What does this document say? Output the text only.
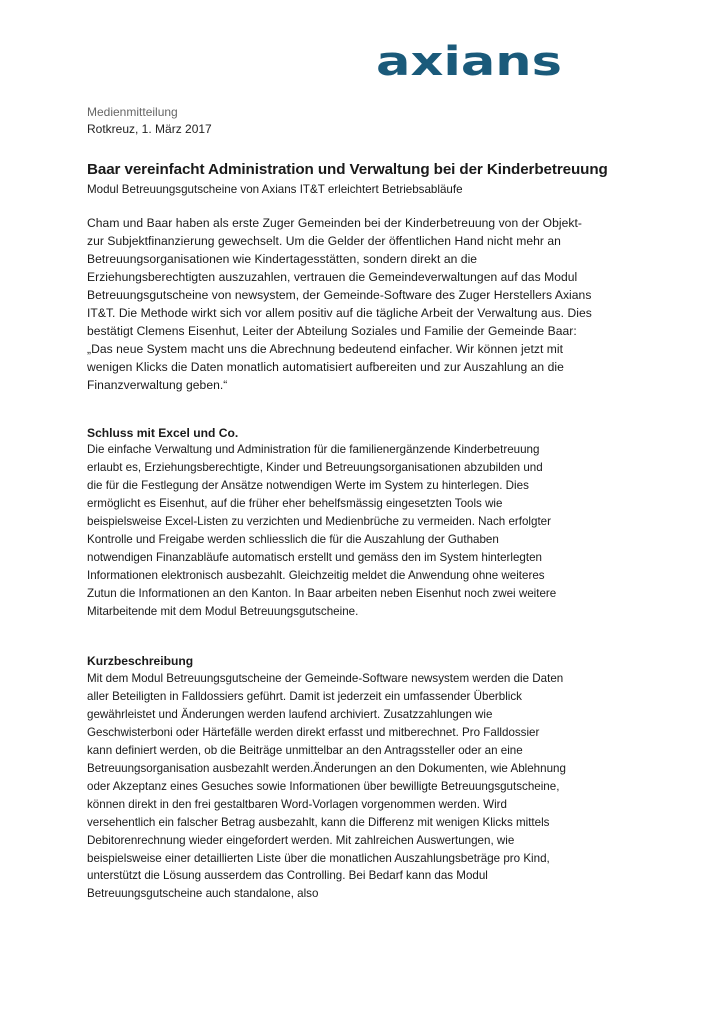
axians
Medienmitteilung
Rotkreuz, 1. März 2017
Baar vereinfacht Administration und Verwaltung bei der Kinderbetreuung

Modul Betreuungsgutscheine von Axians IT&T erleichtert Betriebsabläufe

Cham und Baar haben als erste Zuger Gemeinden bei der Kinderbetreuung von der Objekt- zur Subjektfinanzierung gewechselt. Um die Gelder der öffentlichen Hand nicht mehr an Betreuungsorganisationen wie Kindertagesstätten, sondern direkt an die Erziehungsberechtigten auszuzahlen, vertrauen die Gemeindeverwaltungen auf das Modul Betreuungsgutscheine von newsystem, der Gemeinde-Software des Zuger Herstellers Axians IT&T. Die Methode wirkt sich vor allem positiv auf die tägliche Arbeit der Verwaltung aus. Dies bestätigt Clemens Eisenhut, Leiter der Abteilung Soziales und Familie der Gemeinde Baar: „Das neue System macht uns die Abrechnung bedeutend einfacher. Wir können jetzt mit wenigen Klicks die Daten monatlich automatisiert aufbereiten und zur Auszahlung an die Finanzverwaltung geben.“

Schluss mit Excel und Co.

Die einfache Verwaltung und Administration für die familienergänzende Kinderbetreuung erlaubt es, Erziehungsberechtigte, Kinder und Betreuungsorganisationen abzubilden und die für die Festlegung der Ansätze notwendigen Werte im System zu hinterlegen. Dies ermöglicht es Eisenhut, auf die früher eher behelfsmässig eingesetzten Tools wie beispielsweise Excel-Listen zu verzichten und Medienbrüche zu vermeiden. Nach erfolgter Kontrolle und Freigabe werden schliesslich die für die Auszahlung der Guthaben notwendigen Finanzabläufe automatisch erstellt und gemäss den im System hinterlegten Informationen elektronisch ausbezahlt. Gleichzeitig meldet die Anwendung ohne weiteres Zutun die Informationen an den Kanton. In Baar arbeiten neben Eisenhut noch zwei weitere Mitarbeitende mit dem Modul Betreuungsgutscheine.

Kurzbeschreibung

Mit dem Modul Betreuungsgutscheine der Gemeinde-Software newsystem werden die Daten aller Beteiligten in Falldossiers geführt. Damit ist jederzeit ein umfassender Überblick gewährleistet und Änderungen werden laufend archiviert. Zusatzzahlungen wie Geschwisterboni oder Härtefälle werden direkt erfasst und mitberechnet. Pro Falldossier kann definiert werden, ob die Beiträge unmittelbar an den Antragssteller oder an eine Betreuungsorganisation ausbezahlt werden.Änderungen an den Dokumenten, wie Ablehnung oder Akzeptanz eines Gesuches sowie Informationen über bewilligte Betreuungsgutscheine, können direkt in den frei gestaltbaren Word-Vorlagen vorgenommen werden. Wird versehentlich ein falscher Betrag ausbezahlt, kann die Differenz mit wenigen Klicks mittels Debitorenrechnung wieder eingefordert werden. Mit zahlreichen Auswertungen, wie beispielsweise einer detaillierten Liste über die monatlichen Auszahlungsbeträge pro Kind, unterstützt die Lösung ausserdem das Controlling. Bei Bedarf kann das Modul Betreuungsgutscheine auch standalone, also
